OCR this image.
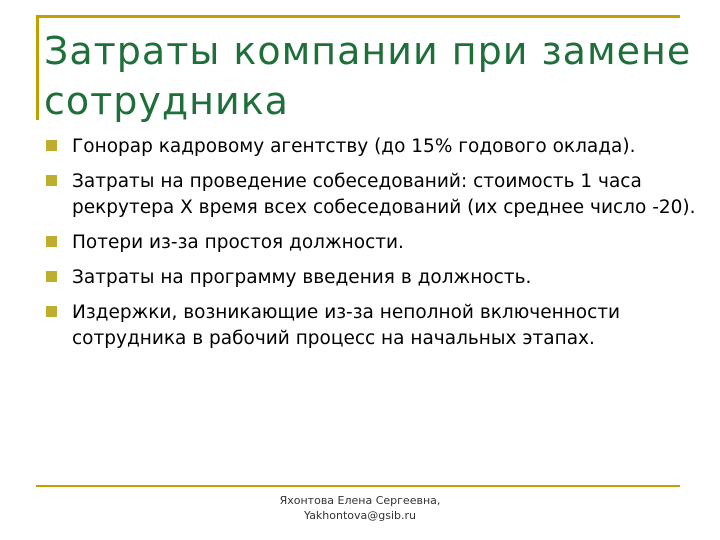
Затраты компании при замене сотрудника
Гонорар кадровому агентству (до 15% годового оклада).
Затраты на проведение собеседований: стоимость 1 часа рекрутера Х время всех собеседований (их среднее число -20).
Потери из-за простоя должности.
Затраты на программу введения в должность.
Издержки, возникающие из-за неполной включенности сотрудника в рабочий процесс на начальных этапах.
Яхонтова Елена Сергеевна,
Yakhontova@gsib.ru
